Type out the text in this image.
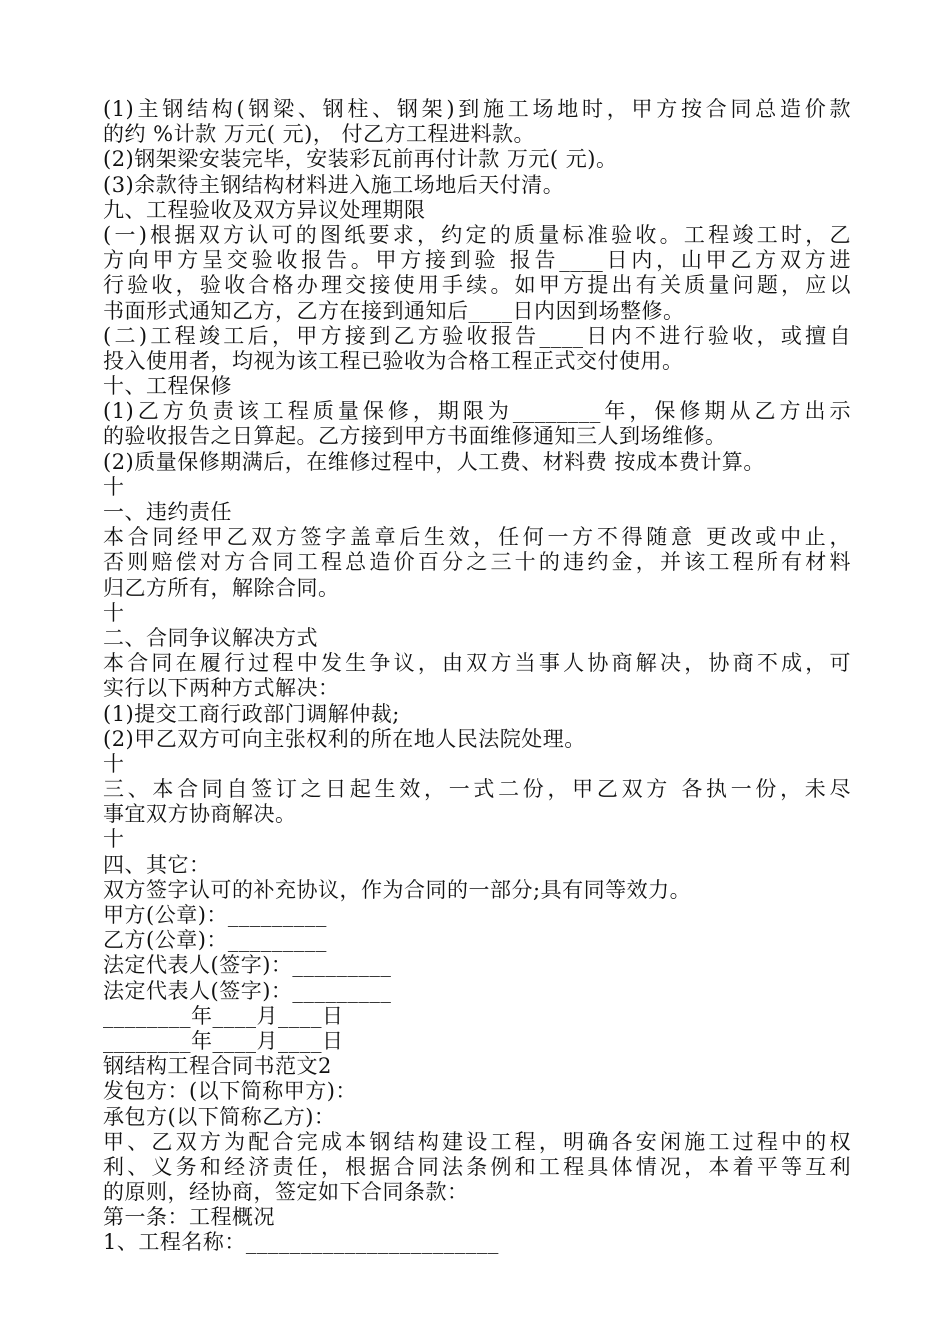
(1)主钢结构(钢梁、钢柱、钢架)到施工场地时，甲方按合同总造价款
的约 %计款 万元( 元)， 付乙方工程进料款。
(2)钢架梁安装完毕，安装彩瓦前再付计款 万元( 元)。
(3)余款待主钢结构材料进入施工场地后天付清。
九、工程验收及双方异议处理期限
(一)根据双方认可的图纸要求，约定的质量标准验收。工程竣工时，乙
方向甲方呈交验收报告。甲方接到验 报告____日内，山甲乙方双方进
行验收，验收合格办理交接使用手续。如甲方提出有关质量问题，应以
书面形式通知乙方，乙方在接到通知后____日内因到场整修。
(二)工程竣工后，甲方接到乙方验收报告____日内不进行验收，或擅自
投入使用者，均视为该工程已验收为合格工程正式交付使用。
十、工程保修
(1)乙方负责该工程质量保修，期限为________年，保修期从乙方出示
的验收报告之日算起。乙方接到甲方书面维修通知三人到场维修。
(2)质量保修期满后，在维修过程中，人工费、材料费 按成本费计算。
十
一、违约责任
本合同经甲乙双方签字盖章后生效，任何一方不得随意 更改或中止，
否则赔偿对方合同工程总造价百分之三十的违约金，并该工程所有材料
归乙方所有，解除合同。
十
二、合同争议解决方式
本合同在履行过程中发生争议，由双方当事人协商解决，协商不成，可
实行以下两种方式解决：
(1)提交工商行政部门调解仲裁;
(2)甲乙双方可向主张权利的所在地人民法院处理。
十
三、本合同自签订之日起生效，一式二份，甲乙双方 各执一份，未尽
事宜双方协商解决。
十
四、其它：
双方签字认可的补充协议，作为合同的一部分;具有同等效力。
甲方(公章)：_________
乙方(公章)：_________
法定代表人(签字)：_________
法定代表人(签字)：_________
________年____月____日
________年____月____日
钢结构工程合同书范文2
发包方：(以下简称甲方)：
承包方(以下简称乙方)：
甲、乙双方为配合完成本钢结构建设工程，明确各安闲施工过程中的权
利、义务和经济责任，根据合同法条例和工程具体情况，本着平等互利
的原则，经协商，签定如下合同条款：
第一条：工程概况
1、工程名称：_______________________
